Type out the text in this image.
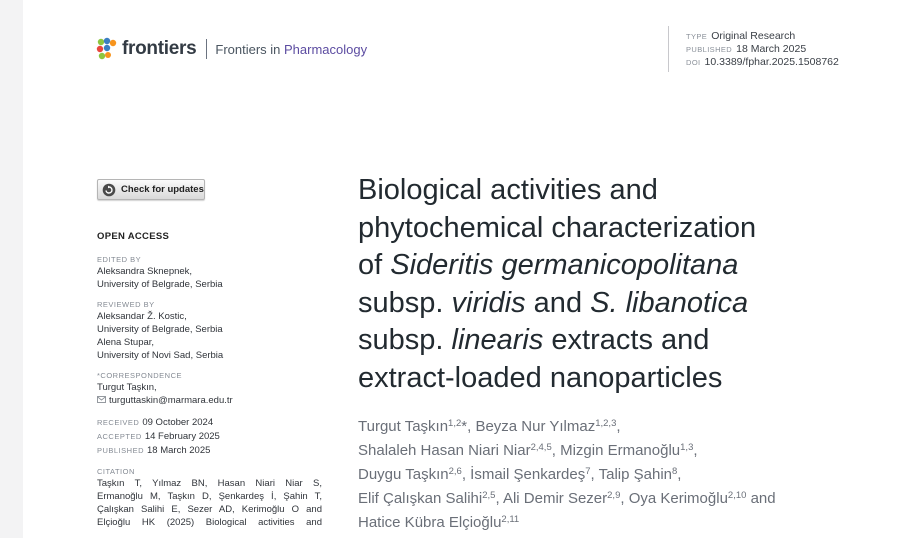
frontiers Frontiers in Pharmacology
TYPE Original Research
PUBLISHED 18 March 2025
DOI 10.3389/fphar.2025.1508762
Check for updates
OPEN ACCESS
EDITED BY
Aleksandra Sknepnek,
University of Belgrade, Serbia
REVIEWED BY
Aleksandar Ž. Kostic,
University of Belgrade, Serbia
Alena Stupar,
University of Novi Sad, Serbia
*CORRESPONDENCE
Turgut Taşkın,
turguttaskin@marmara.edu.tr
RECEIVED 09 October 2024
ACCEPTED 14 February 2025
PUBLISHED 18 March 2025
CITATION
Taşkın T, Yılmaz BN, Hasan Niari Niar S,
Ermanoğlu M, Taşkın D, Şenkardeş İ, Şahin T,
Çalışkan Salihi E, Sezer AD, Kerimoğlu O and
Elçioğlu HK (2025) Biological activities and
Biological activities and
phytochemical characterization
of Sideritis germanicopolitana
subsp. viridis and S. libanotica
subsp. linearis extracts and
extract-loaded nanoparticles
Turgut Taşkın$^{1,2}$*, Beyza Nur Yılmaz$^{1,2,3}$,
Shalaleh Hasan Niari Niar$^{2,4,5}$, Mizgin Ermanoğlu$^{1,3}$,
Duygu Taşkın$^{2,6}$, İsmail Şenkardeş$^7$, Talip Şahin$^8$,
Elif Çalışkan Salihi$^{2,5}$, Ali Demir Sezer$^{2,9}$, Oya Kerimoğlu$^{2,10}$ and
Hatice Kübra Elçioğlu$^{2,11}$
